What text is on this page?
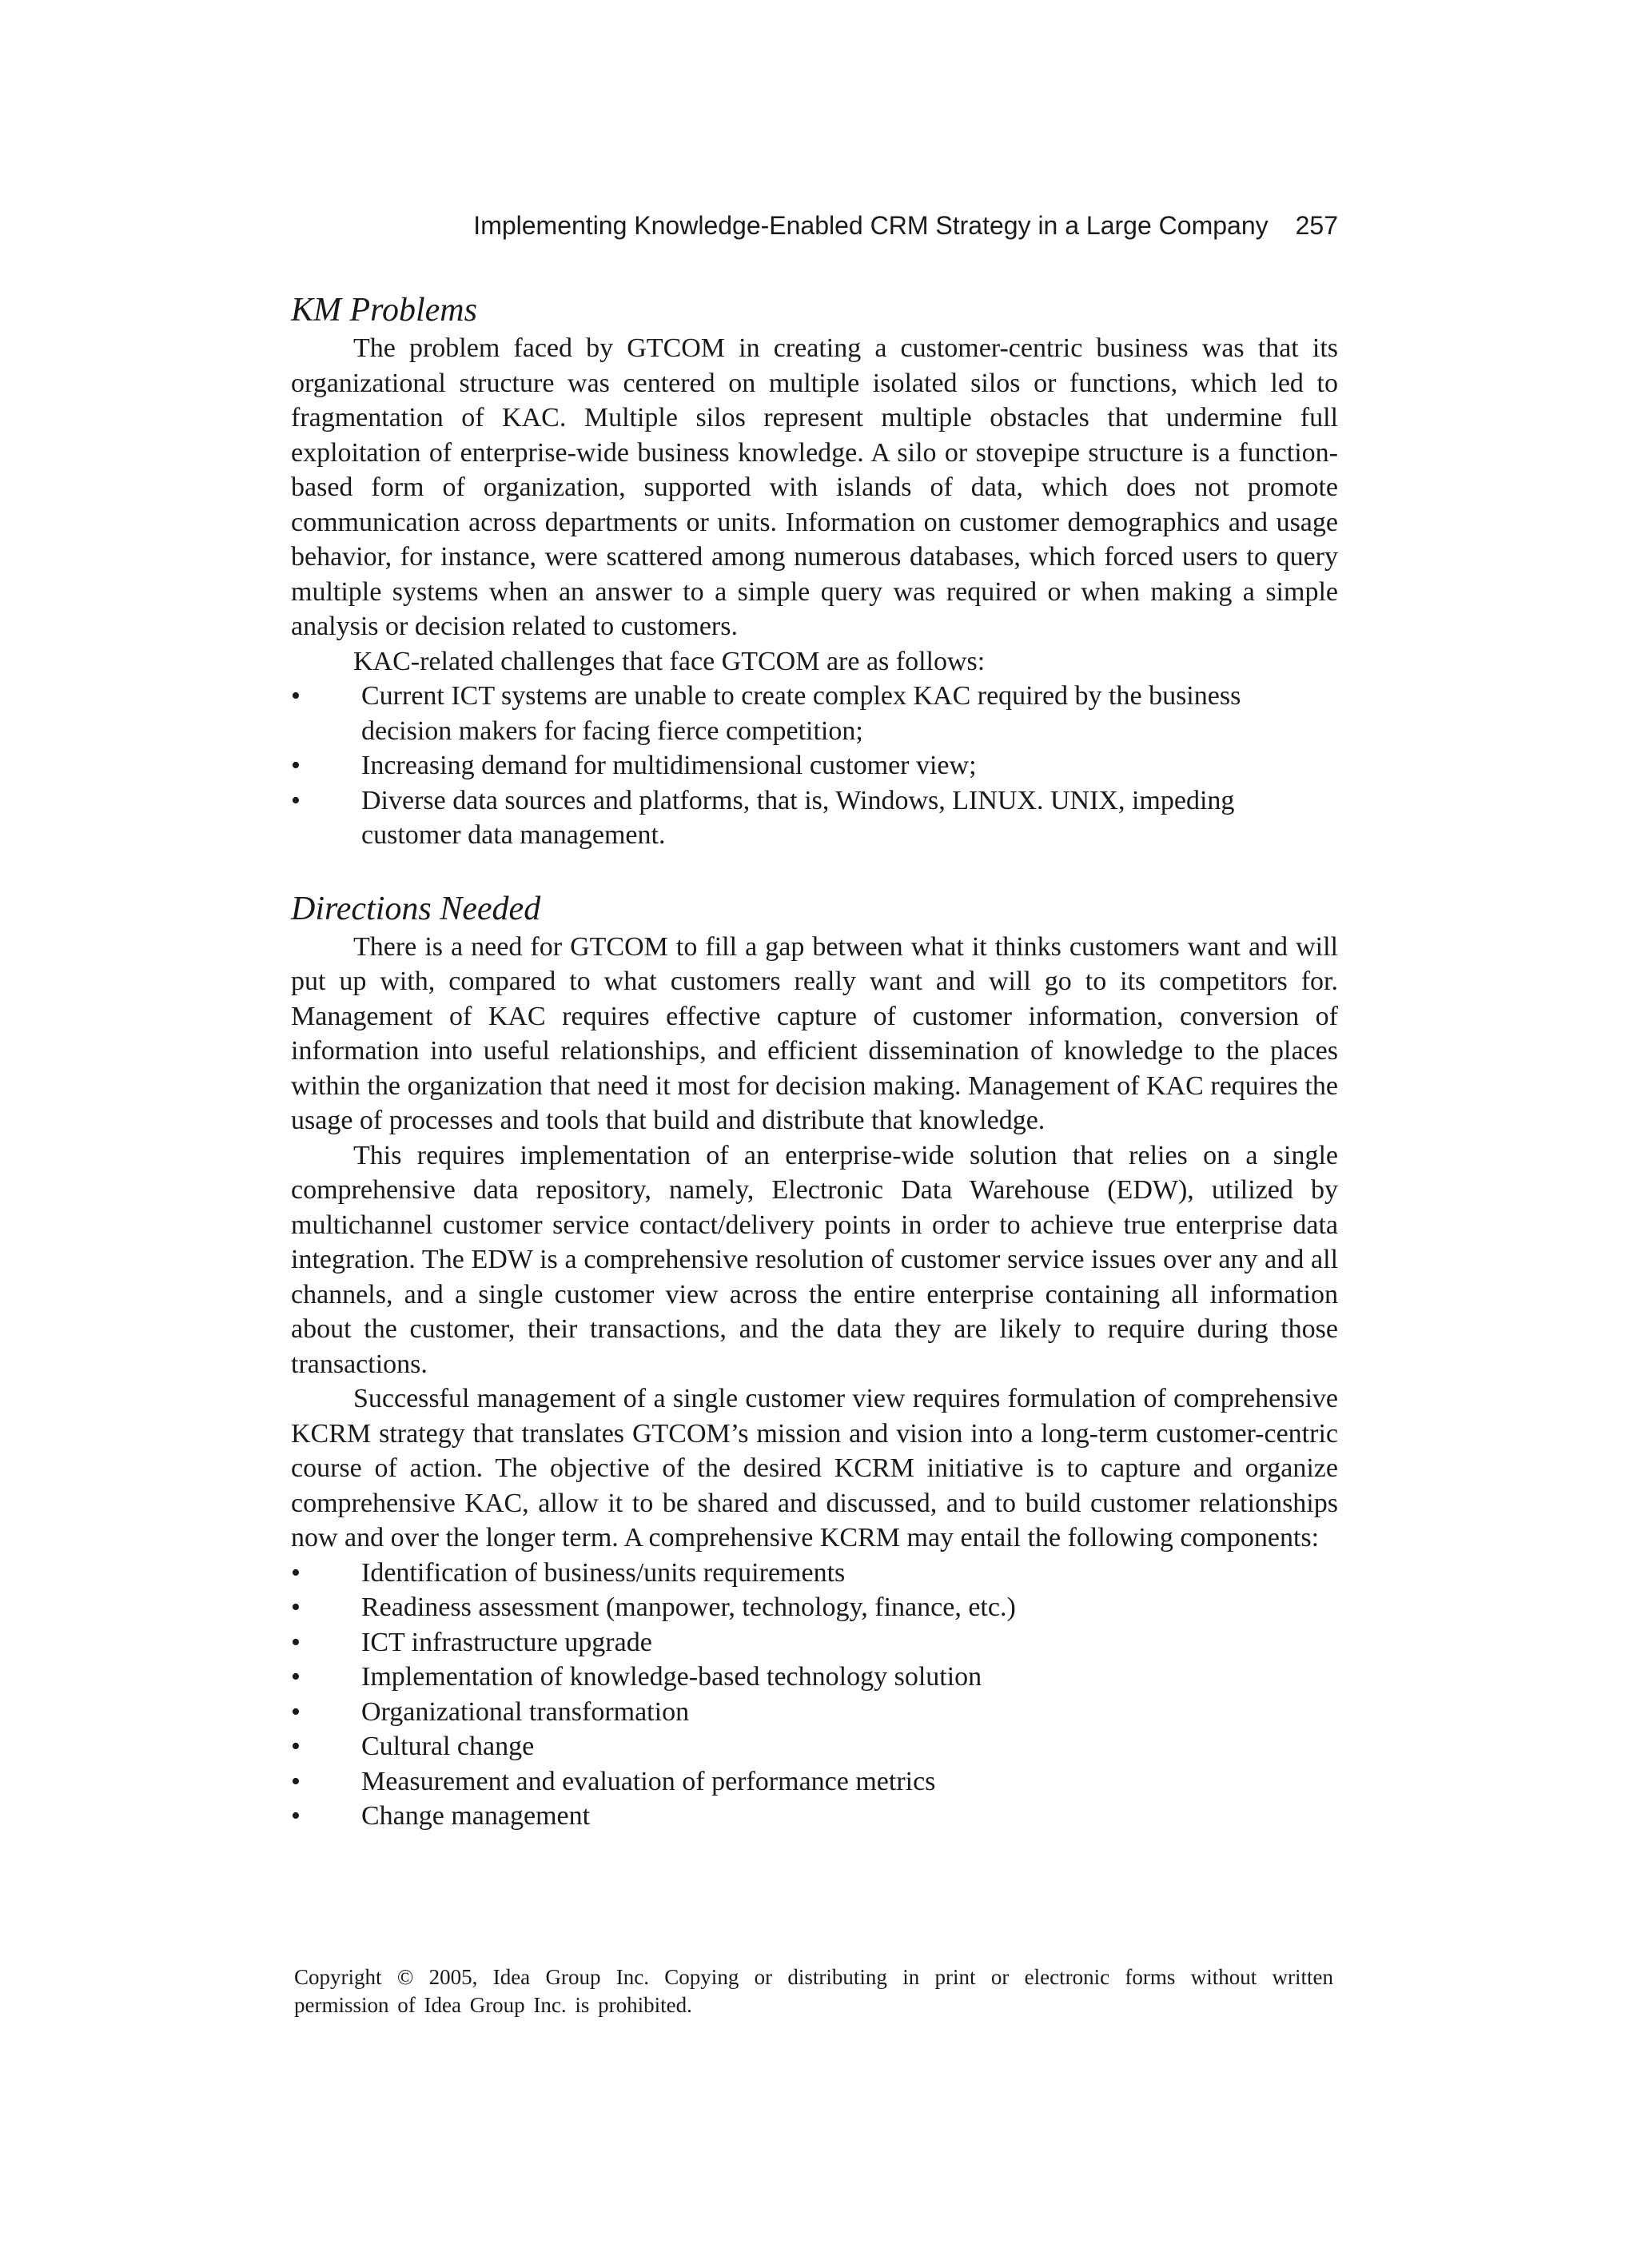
Implementing Knowledge-Enabled CRM Strategy in a Large Company 257
KM Problems

The problem faced by GTCOM in creating a customer-centric business was that its organizational structure was centered on multiple isolated silos or functions, which led to fragmentation of KAC. Multiple silos represent multiple obstacles that undermine full exploitation of enterprise-wide business knowledge. A silo or stovepipe structure is a function-based form of organization, supported with islands of data, which does not promote communication across departments or units. Information on customer demographics and usage behavior, for instance, were scattered among numerous databases, which forced users to query multiple systems when an answer to a simple query was required or when making a simple analysis or decision related to customers.

KAC-related challenges that face GTCOM are as follows:

• Current ICT systems are unable to create complex KAC required by the business decision makers for facing fierce competition;
• Increasing demand for multidimensional customer view;
• Diverse data sources and platforms, that is, Windows, LINUX. UNIX, impeding customer data management.
Directions Needed

There is a need for GTCOM to fill a gap between what it thinks customers want and will put up with, compared to what customers really want and will go to its competitors for. Management of KAC requires effective capture of customer information, conversion of information into useful relationships, and efficient dissemination of knowledge to the places within the organization that need it most for decision making. Management of KAC requires the usage of processes and tools that build and distribute that knowledge.

This requires implementation of an enterprise-wide solution that relies on a single comprehensive data repository, namely, Electronic Data Warehouse (EDW), utilized by multichannel customer service contact/delivery points in order to achieve true enterprise data integration. The EDW is a comprehensive resolution of customer service issues over any and all channels, and a single customer view across the entire enterprise containing all information about the customer, their transactions, and the data they are likely to require during those transactions.

Successful management of a single customer view requires formulation of comprehensive KCRM strategy that translates GTCOM’s mission and vision into a long-term customer-centric course of action. The objective of the desired KCRM initiative is to capture and organize comprehensive KAC, allow it to be shared and discussed, and to build customer relationships now and over the longer term. A comprehensive KCRM may entail the following components:

• Identification of business/units requirements
• Readiness assessment (manpower, technology, finance, etc.)
• ICT infrastructure upgrade
• Implementation of knowledge-based technology solution
• Organizational transformation
• Cultural change
• Measurement and evaluation of performance metrics
• Change management
Copyright © 2005, Idea Group Inc. Copying or distributing in print or electronic forms without written permission of Idea Group Inc. is prohibited.
